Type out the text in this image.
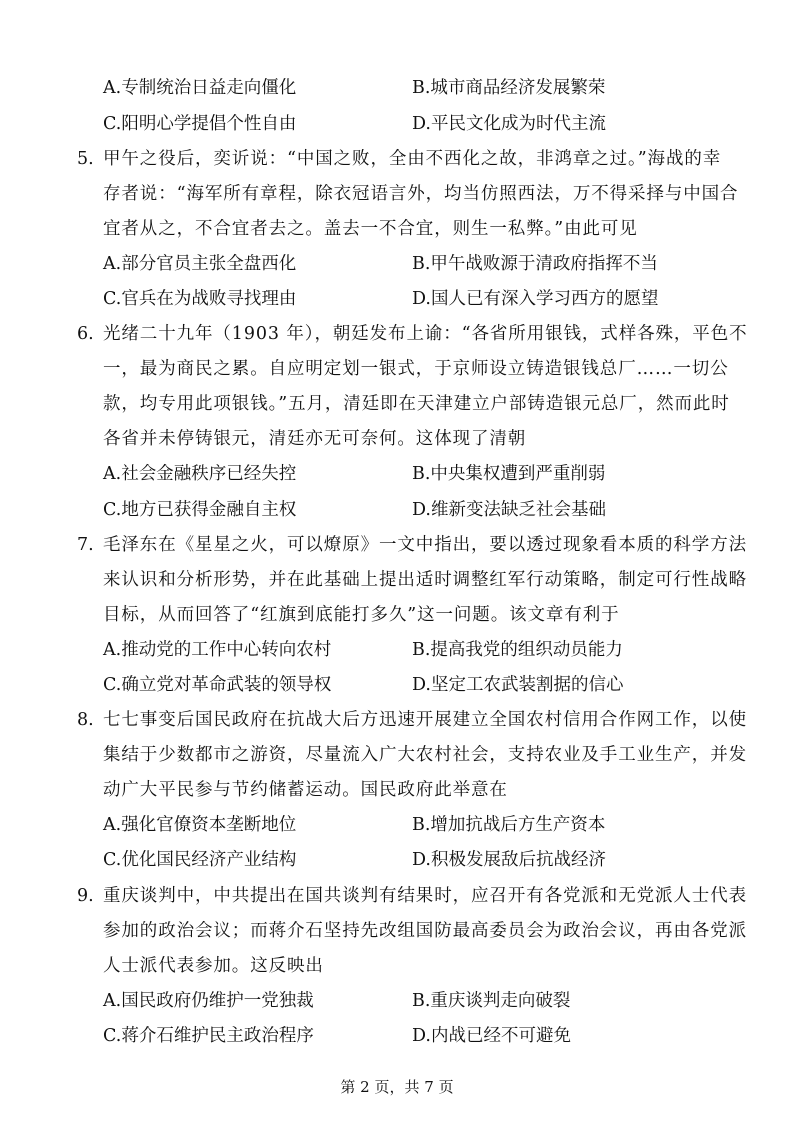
A.专制统治日益走向僵化	B.城市商品经济发展繁荣
C.阳明心学提倡个性自由	D.平民文化成为时代主流
5. 甲午之役后，奕䜣说：“中国之败，全由不西化之故，非鸿章之过。”海战的幸
存者说：“海军所有章程，除衣冠语言外，均当仿照西法，万不得采择与中国合
宜者从之，不合宜者去之。盖去一不合宜，则生一私弊。”由此可见
A.部分官员主张全盘西化	B.甲午战败源于清政府指挥不当
C.官兵在为战败寻找理由	D.国人已有深入学习西方的愿望
6. 光绪二十九年（1903 年），朝廷发布上谕：“各省所用银钱，式样各殊，平色不
一，最为商民之累。自应明定划一银式，于京师设立铸造银钱总厂……一切公
款，均专用此项银钱。”五月，清廷即在天津建立户部铸造银元总厂，然而此时
各省并未停铸银元，清廷亦无可奈何。这体现了清朝
A.社会金融秩序已经失控	B.中央集权遭到严重削弱
C.地方已获得金融自主权	D.维新变法缺乏社会基础
7. 毛泽东在《星星之火，可以燎原》一文中指出，要以透过现象看本质的科学方法
来认识和分析形势，并在此基础上提出适时调整红军行动策略，制定可行性战略
目标，从而回答了“红旗到底能打多久”这一问题。该文章有利于
A.推动党的工作中心转向农村	B.提高我党的组织动员能力
C.确立党对革命武装的领导权	D.坚定工农武装割据的信心
8. 七七事变后国民政府在抗战大后方迅速开展建立全国农村信用合作网工作，以使
集结于少数都市之游资，尽量流入广大农村社会，支持农业及手工业生产，并发
动广大平民参与节约储蓄运动。国民政府此举意在
A.强化官僚资本垄断地位	B.增加抗战后方生产资本
C.优化国民经济产业结构	D.积极发展敌后抗战经济
9. 重庆谈判中，中共提出在国共谈判有结果时，应召开有各党派和无党派人士代表
参加的政治会议；而蒋介石坚持先改组国防最高委员会为政治会议，再由各党派
人士派代表参加。这反映出
A.国民政府仍维护一党独裁	B.重庆谈判走向破裂
C.蒋介石维护民主政治程序	D.内战已经不可避免
第 2 页，共 7 页
